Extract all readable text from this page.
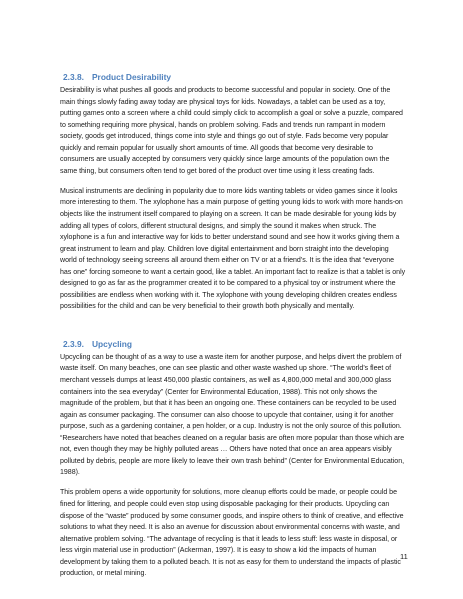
2.3.8. Product Desirability

Desirability is what pushes all goods and products to become successful and popular in society. One of the main things slowly fading away today are physical toys for kids. Nowadays, a tablet can be used as a toy, putting games onto a screen where a child could simply click to accomplish a goal or solve a puzzle, compared to something requiring more physical, hands on problem solving. Fads and trends run rampant in modern society, goods get introduced, things come into style and things go out of style. Fads become very popular quickly and remain popular for usually short amounts of time. All goods that become very desirable to consumers are usually accepted by consumers very quickly since large amounts of the population own the same thing, but consumers often tend to get bored of the product over time using it less creating fads.

Musical instruments are declining in popularity due to more kids wanting tablets or video games since it looks more interesting to them. The xylophone has a main purpose of getting young kids to work with more hands-on objects like the instrument itself compared to playing on a screen. It can be made desirable for young kids by adding all types of colors, different structural designs, and simply the sound it makes when struck. The xylophone is a fun and interactive way for kids to better understand sound and see how it works giving them a great instrument to learn and play. Children love digital entertainment and born straight into the developing world of technology seeing screens all around them either on TV or at a friend’s. It is the idea that “everyone has one” forcing someone to want a certain good, like a tablet. An important fact to realize is that a tablet is only designed to go as far as the programmer created it to be compared to a physical toy or instrument where the possibilities are endless when working with it. The xylophone with young developing children creates endless possibilities for the child and can be very beneficial to their growth both physically and mentally.

2.3.9. Upcycling

Upcycling can be thought of as a way to use a waste item for another purpose, and helps divert the problem of waste itself. On many beaches, one can see plastic and other waste washed up shore. “The world’s fleet of merchant vessels dumps at least 450,000 plastic containers, as well as 4,800,000 metal and 300,000 glass containers into the sea everyday” (Center for Environmental Education, 1988). This not only shows the magnitude of the problem, but that it has been an ongoing one. These containers can be recycled to be used again as consumer packaging. The consumer can also choose to upcycle that container, using it for another purpose, such as a gardening container, a pen holder, or a cup. Industry is not the only source of this pollution. “Researchers have noted that beaches cleaned on a regular basis are often more popular than those which are not, even though they may be highly polluted areas … Others have noted that once an area appears visibly polluted by debris, people are more likely to leave their own trash behind” (Center for Environmental Education, 1988).

This problem opens a wide opportunity for solutions, more cleanup efforts could be made, or people could be fined for littering, and people could even stop using disposable packaging for their products. Upcycling can dispose of the “waste” produced by some consumer goods, and inspire others to think of creative, and effective solutions to what they need. It is also an avenue for discussion about environmental concerns with waste, and alternative problem solving. “The advantage of recycling is that it leads to less stuff: less waste in disposal, or less virgin material use in production” (Ackerman, 1997). It is easy to show a kid the impacts of human development by taking them to a polluted beach. It is not as easy for them to understand the impacts of plastic production, or metal mining.

11
